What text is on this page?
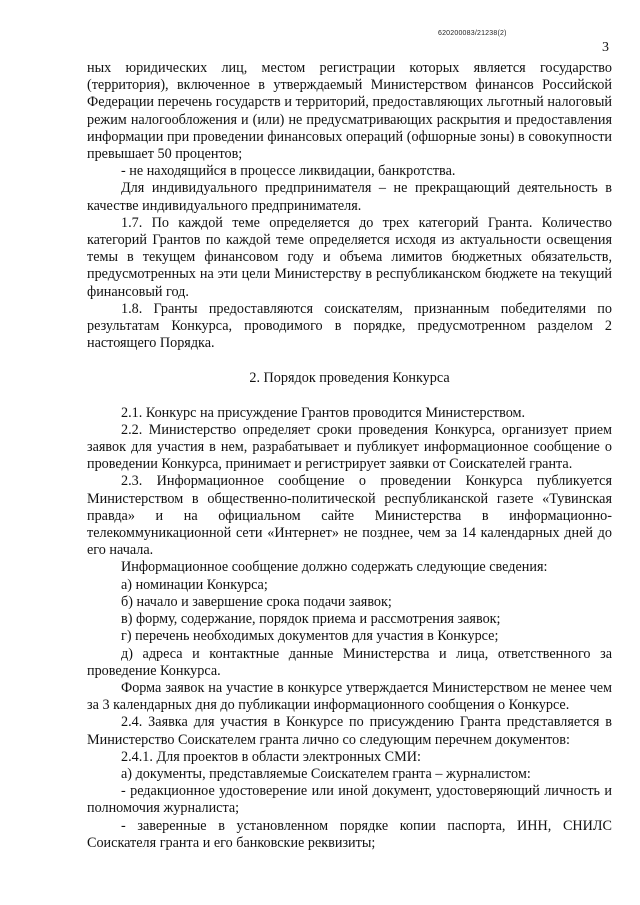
620200083/21238(2)
3

ных юридических лиц, местом регистрации которых является государство (территория), включенное в утверждаемый Министерством финансов Российской Федерации перечень государств и территорий, предоставляющих льготный налоговый режим налогообложения и (или) не предусматривающих раскрытия и предоставления информации при проведении финансовых операций (офшорные зоны) в совокупности превышает 50 процентов;

- не находящийся в процессе ликвидации, банкротства.

Для индивидуального предпринимателя – не прекращающий деятельность в качестве индивидуального предпринимателя.

1.7. По каждой теме определяется до трех категорий Гранта. Количество категорий Грантов по каждой теме определяется исходя из актуальности освещения темы в текущем финансовом году и объема лимитов бюджетных обязательств, предусмотренных на эти цели Министерству в республиканском бюджете на текущий финансовый год.

1.8. Гранты предоставляются соискателям, признанным победителями по результатам Конкурса, проводимого в порядке, предусмотренном разделом 2 настоящего Порядка.

2. Порядок проведения Конкурса

2.1. Конкурс на присуждение Грантов проводится Министерством.

2.2. Министерство определяет сроки проведения Конкурса, организует прием заявок для участия в нем, разрабатывает и публикует информационное сообщение о проведении Конкурса, принимает и регистрирует заявки от Соискателей гранта.

2.3. Информационное сообщение о проведении Конкурса публикуется Министерством в общественно-политической республиканской газете «Тувинская правда» и на официальном сайте Министерства в информационно-телекоммуникационной сети «Интернет» не позднее, чем за 14 календарных дней до его начала.

Информационное сообщение должно содержать следующие сведения:

а) номинации Конкурса;

б) начало и завершение срока подачи заявок;

в) форму, содержание, порядок приема и рассмотрения заявок;

г) перечень необходимых документов для участия в Конкурсе;

д) адреса и контактные данные Министерства и лица, ответственного за проведение Конкурса.

Форма заявок на участие в конкурсе утверждается Министерством не менее чем за 3 календарных дня до публикации информационного сообщения о Конкурсе.

2.4. Заявка для участия в Конкурсе по присуждению Гранта представляется в Министерство Соискателем гранта лично со следующим перечнем документов:

2.4.1. Для проектов в области электронных СМИ:

а) документы, представляемые Соискателем гранта – журналистом:

- редакционное удостоверение или иной документ, удостоверяющий личность и полномочия журналиста;

- заверенные в установленном порядке копии паспорта, ИНН, СНИЛС Соискателя гранта и его банковские реквизиты;
